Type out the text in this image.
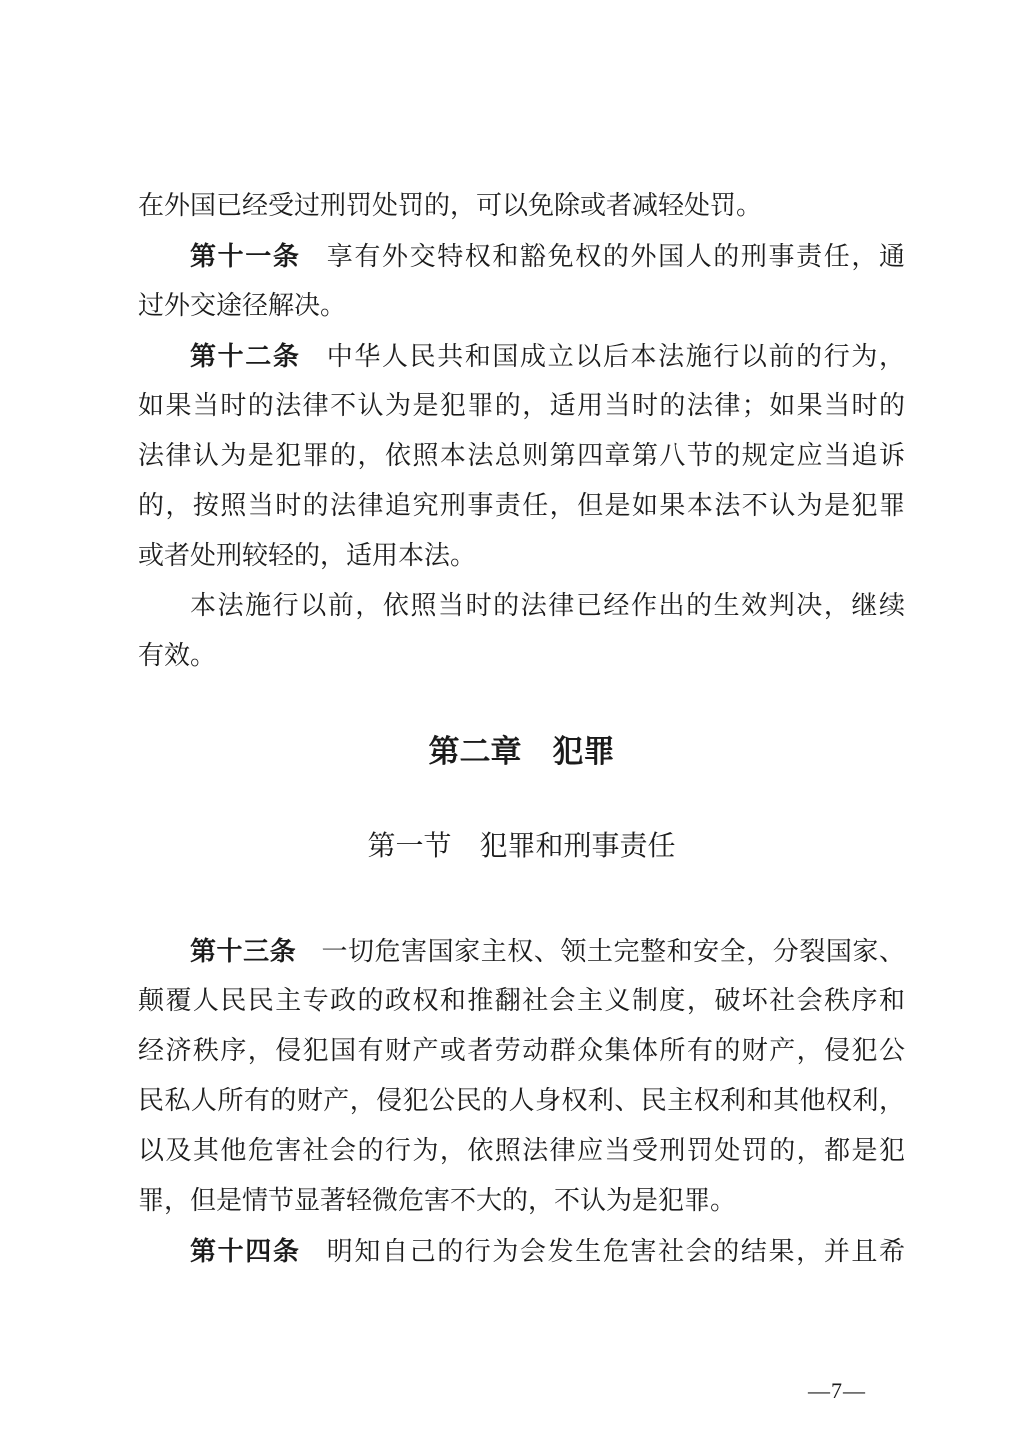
在外国已经受过刑罚处罚的，可以免除或者减轻处罚。

第十一条 享有外交特权和豁免权的外国人的刑事责任，通

过外交途径解决。

第十二条 中华人民共和国成立以后本法施行以前的行为，

如果当时的法律不认为是犯罪的，适用当时的法律；如果当时的

法律认为是犯罪的，依照本法总则第四章第八节的规定应当追诉

的，按照当时的法律追究刑事责任，但是如果本法不认为是犯罪

或者处刑较轻的，适用本法。

本法施行以前，依照当时的法律已经作出的生效判决，继续

有效。

第二章　犯罪
第一节　犯罪和刑事责任

第十三条 一切危害国家主权、领土完整和安全，分裂国家、

颠覆人民民主专政的政权和推翻社会主义制度，破坏社会秩序和

经济秩序，侵犯国有财产或者劳动群众集体所有的财产，侵犯公

民私人所有的财产，侵犯公民的人身权利、民主权利和其他权利，

以及其他危害社会的行为，依照法律应当受刑罚处罚的，都是犯

罪，但是情节显著轻微危害不大的，不认为是犯罪。

第十四条 明知自己的行为会发生危害社会的结果，并且希

—7—
